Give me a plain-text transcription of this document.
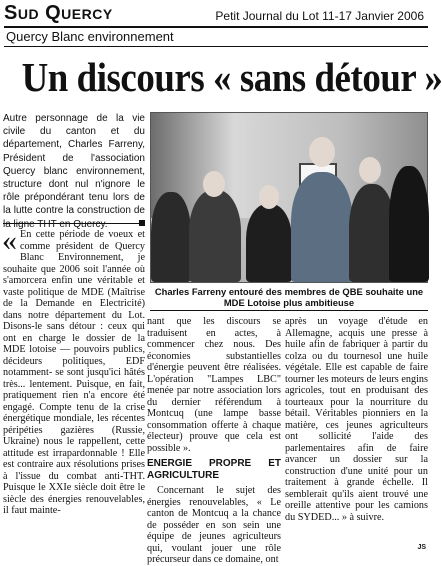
Sud Quercy	Petit Journal du Lot 11-17 Janvier 2006
Quercy Blanc environnement
Un discours « sans détour »
Autre personnage de la vie civile du canton et du département, Charles Farreny, Président de l'association Quercy blanc environnement, structure dont nul n'ignore le rôle prépondérant tenu lors de la lutte contre la construction de la ligne THT en Quercy.
« En cette période de voeux et comme président de Quercy Blanc Environnement, je souhaite que 2006 soit l'année où s'amorcera enfin une véritable et vaste politique de MDE (Maîtrise de la Demande en Electricité) dans notre département du Lot. Disons-le sans détour : ceux qui ont en charge le dossier de la MDE lotoise — pouvoirs publics, décideurs politiques, EDF notamment- se sont jusqu'ici hâtés très... lentement. Puisque, en fait, pratiquement rien n'a encore été engagé. Compte tenu de la crise énergétique mondiale, les récentes péripéties gazières (Russie, Ukraine) nous le rappellent, cette attitude est irrapardonnable ! Elle est contraire aux résolutions prises à l'issue du combat anti-THT. Puisque le XXIe siècle doit être le siècle des énergies renouvelables, il faut mainte-
Charles Farreny entouré des membres de QBE souhaite une MDE Lotoise plus ambitieuse

nant que les discours se traduisent en actes, à commencer chez nous. Des économies substantielles d'énergie peuvent être réalisées. L'opération "Lampes LBC" menée par notre association lors du dernier référendum à Montcuq (une lampe basse consommation offerte à chaque électeur) prouve que cela est possible ».

ENERGIE PROPRE ET AGRICULTURE

Concernant le sujet des énergies renouvelables, « Le canton de Montcuq a la chance de posséder en son sein une équipe de jeunes agriculteurs qui, voulant jouer une rôle précurseur dans ce domaine, ont

après un voyage d'étude en Allemagne, acquis une presse à huile afin de fabriquer à partir du colza ou du tournesol une huile végétale. Elle est capable de faire tourner les moteurs de leurs engins agricoles, tout en produisant des tourteaux pour la nourriture du bétail. Véritables pionniers en la matière, ces jeunes agriculteurs ont sollicité l'aide des parlementaires afin de faire avancer un dossier sur la construction d'une unité pour un traitement à grande échelle. Il semblerait qu'ils aient trouvé une oreille attentive pour les camions du SYDED... » à suivre.

JS
